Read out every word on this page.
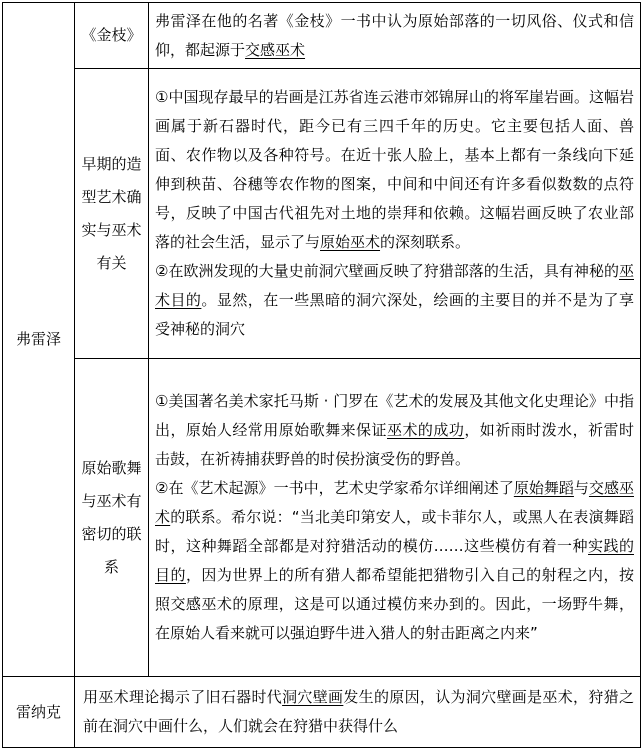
弗雷泽	《金枝》	弗雷泽在他的名著《金枝》一书中认为原始部落的一切风俗、仪式和信仰，都起源于交感巫术
	早期的造型艺术确实与巫术有关	①中国现存最早的岩画是江苏省连云港市郊锦屏山的将军崖岩画。这幅岩画属于新石器时代，距今已有三四千年的历史。它主要包括人面、兽面、农作物以及各种符号。在近十张人脸上，基本上都有一条线向下延伸到秧苗、谷穗等农作物的图案，中间和中间还有许多看似数数的点符号，反映了中国古代祖先对土地的崇拜和依赖。这幅岩画反映了农业部落的社会生活，显示了与原始巫术的深刻联系。

②在欧洲发现的大量史前洞穴壁画反映了狩猎部落的生活，具有神秘的巫术目的。显然，在一些黑暗的洞穴深处，绘画的主要目的并不是为了享受神秘的洞穴

	原始歌舞与巫术有密切的联系	①美国著名美术家托马斯 · 门罗在《艺术的发展及其他文化史理论》中指出，原始人经常用原始歌舞来保证巫术的成功，如祈雨时泼水，祈雷时击鼓，在祈祷捕获野兽的时侯扮演受伤的野兽。

②在《艺术起源》一书中，艺术史学家希尔详细阐述了原始舞蹈与交感巫术的联系。希尔说：“当北美印第安人，或卡菲尔人，或黑人在表演舞蹈时，这种舞蹈全部都是对狩猎活动的模仿……这些模仿有着一种实践的目的，因为世界上的所有猎人都希望能把猎物引入自己的射程之内，按照交感巫术的原理，这是可以通过模仿来办到的。因此，一场野牛舞，在原始人看来就可以强迫野牛进入猎人的射击距离之内来”

雷纳克	用巫术理论揭示了旧石器时代洞穴壁画发生的原因，认为洞穴壁画是巫术，狩猎之前在洞穴中画什么，人们就会在狩猎中获得什么	
